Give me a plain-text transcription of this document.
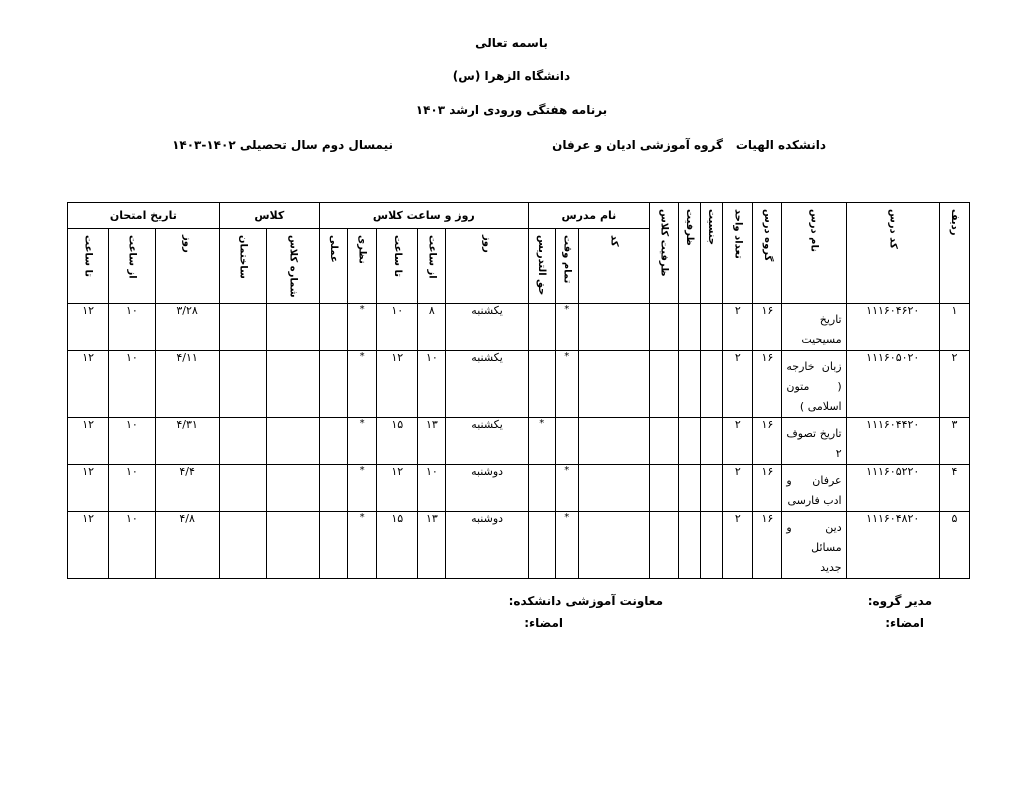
باسمه تعالی
دانشگاه الزهرا (س)
برنامه هفتگی ورودی ارشد ۱۴۰۳
دانشکده الهیات
گروه آموزشی ادیان و عرفان
نیمسال دوم سال تحصیلی ۱۴۰۲-۱۴۰۳
ردیف	کد درس	نام درس	گروه درس	تعداد واحد	جنسیت	ظرفیت	ظرفیت کلاس	نام مدرس			روز و ساعت کلاس					کلاس		تاریخ امتحان		
								کد	تمام وقت	حق التدریس	روز	از ساعت	تا ساعت	نظری	عملی	شماره کلاس	ساختمان	روز	از ساعت	تا ساعت
۱	۱۱۱۶۰۴۶۲۰	تاریخ مسیحیت	۱۶	۲					*		یکشنبه	۸	۱۰	*				۳/۲۸	۱۰	۱۲
۲	۱۱۱۶۰۵۰۲۰	زبان خارجه ( متون اسلامی )	۱۶	۲					*		یکشنبه	۱۰	۱۲	*				۴/۱۱	۱۰	۱۲
۳	۱۱۱۶۰۴۴۲۰	تاریخ تصوف ۲	۱۶	۲						*	یکشنبه	۱۳	۱۵	*				۴/۳۱	۱۰	۱۲
۴	۱۱۱۶۰۵۲۲۰	عرفان و ادب فارسی	۱۶	۲					*		دوشنبه	۱۰	۱۲	*				۴/۴	۱۰	۱۲
۵	۱۱۱۶۰۴۸۲۰	دین و مسائل جدید	۱۶	۲					*		دوشنبه	۱۳	۱۵	*				۴/۸	۱۰	۱۲
مدیر گروه:
امضاء:
معاونت آموزشی دانشکده:
امضاء:
